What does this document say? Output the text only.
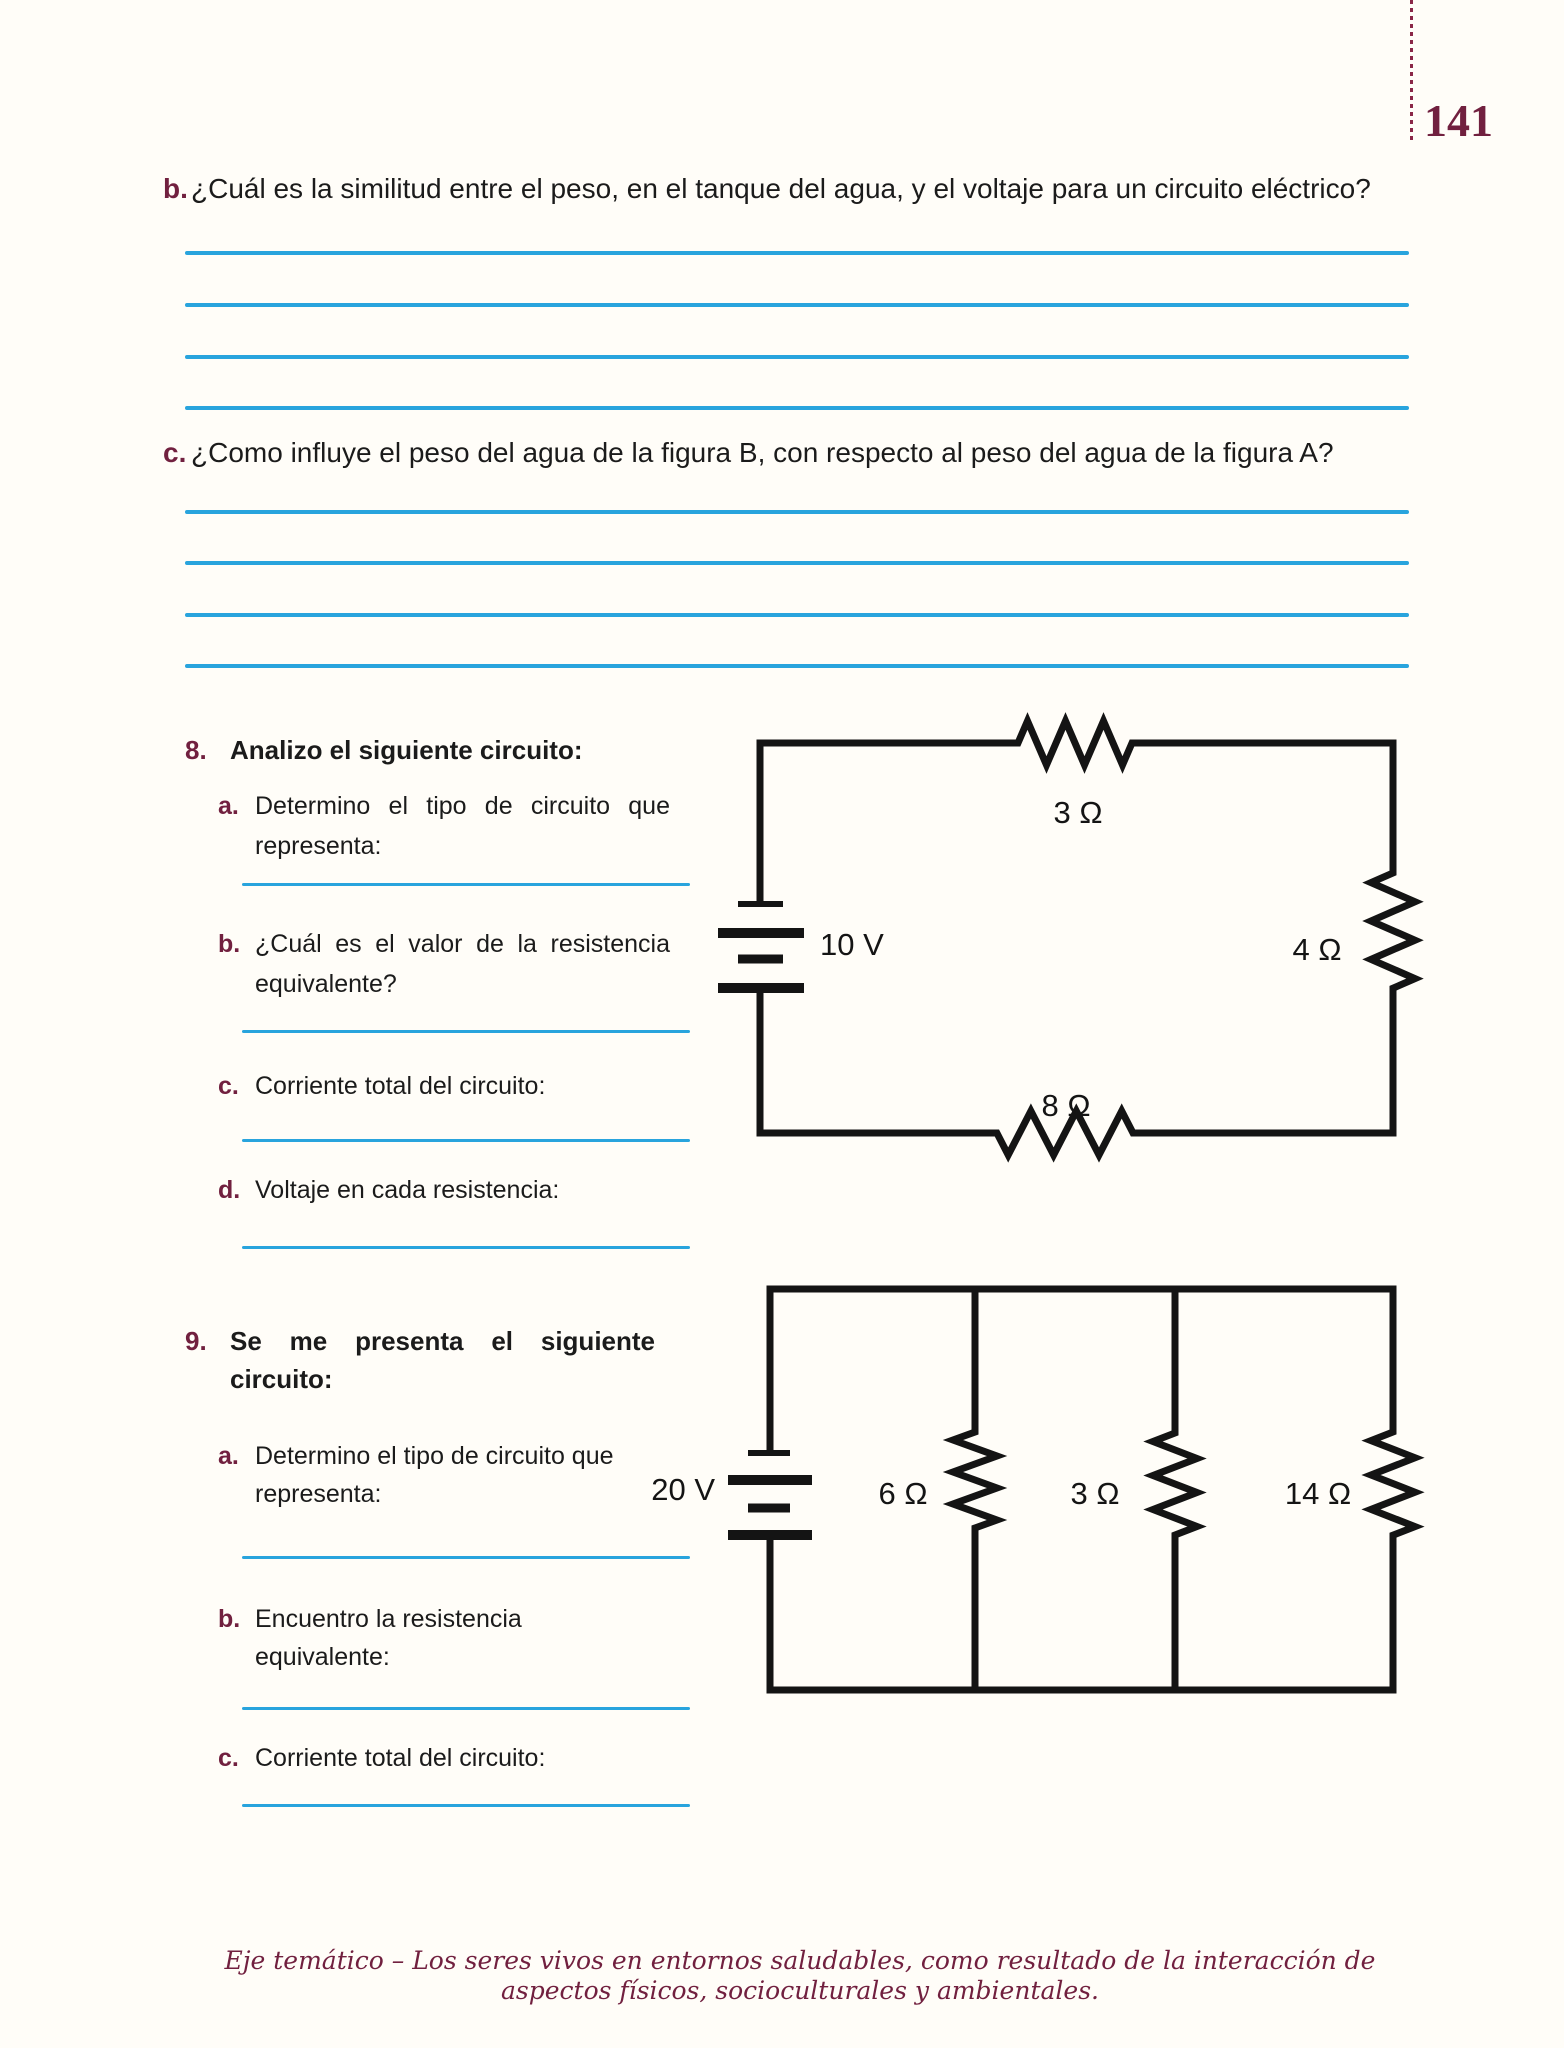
141
b. ¿Cuál es la similitud entre el peso, en el tanque del agua, y el voltaje para un circuito eléctrico?
c. ¿Como influye el peso del agua de la figura B, con respecto al peso del agua de la figura A?
8. Analizo el siguiente circuito:
a. Determino el tipo de circuito que representa:
b. ¿Cuál es el valor de la resistencia equivalente?
c. Corriente total del circuito:
d. Voltaje en cada resistencia:
9. Se me presenta el siguiente circuito:
a. Determino el tipo de circuito que representa:
b. Encuentro la resistencia equivalente:
c. Corriente total del circuito:
10 V
3 Ω
4 Ω
8 Ω
20 V	6 Ω	3 Ω	14 Ω
Eje temático – Los seres vivos en entornos saludables, como resultado de la interacción de aspectos físicos, socioculturales y ambientales.
